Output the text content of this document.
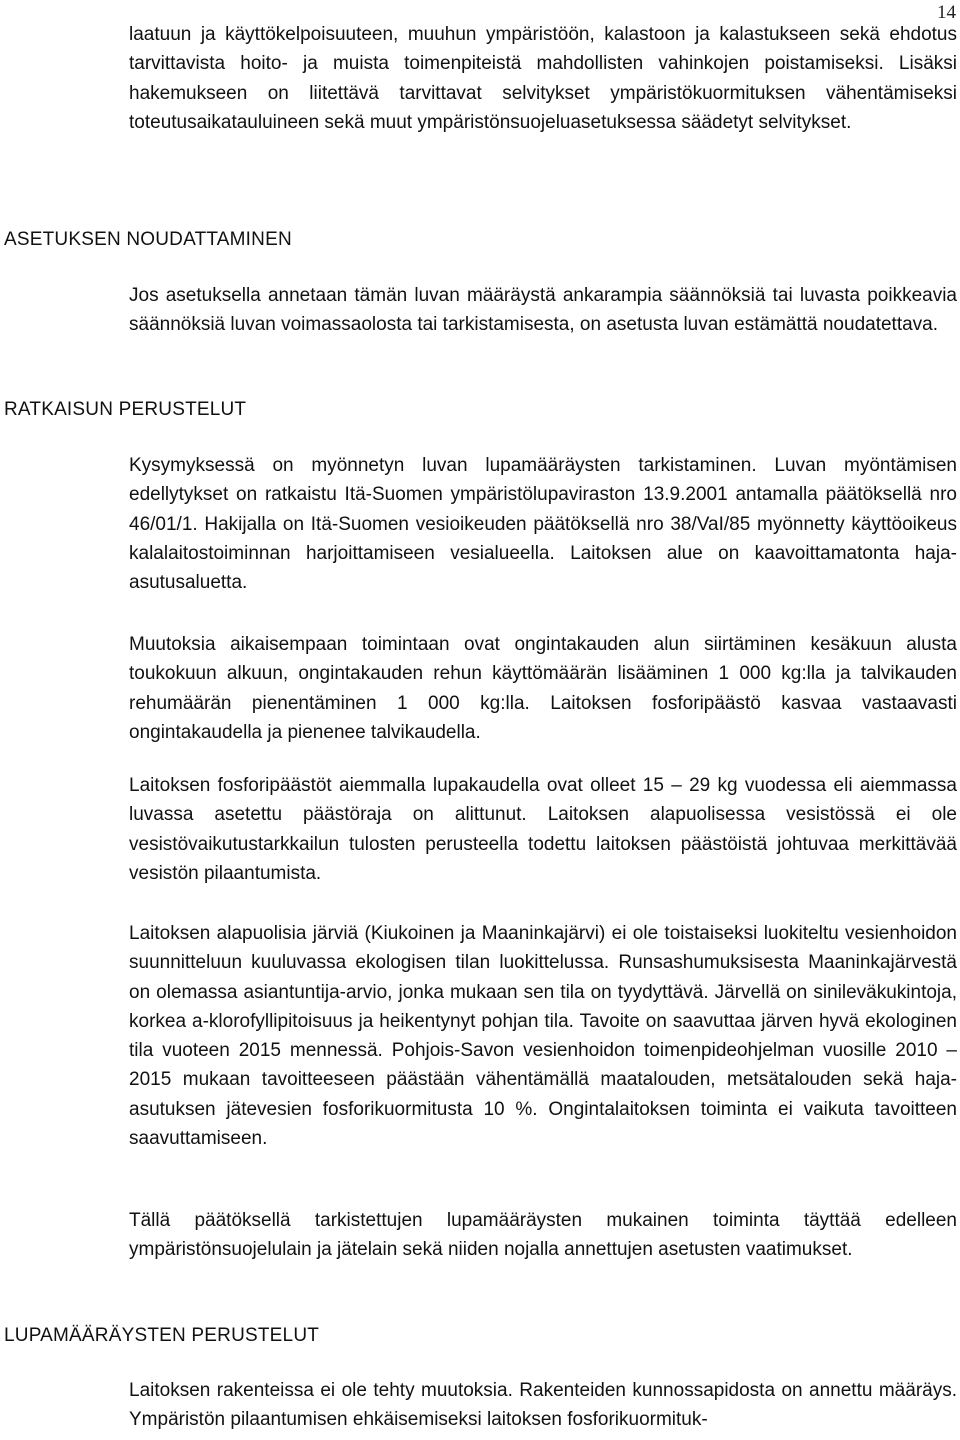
14

laatuun ja käyttökelpoisuuteen, muuhun ympäristöön, kalastoon ja kalastukseen sekä ehdotus tarvittavista hoito- ja muista toimenpiteistä mahdollisten vahinkojen poistamiseksi. Lisäksi hakemukseen on liitettävä tarvittavat selvitykset ympäristökuormituksen vähentämiseksi toteutusaikatauluineen sekä muut ympäristönsuojeluasetuksessa säädetyt selvitykset.

ASETUKSEN NOUDATTAMINEN

Jos asetuksella annetaan tämän luvan määräystä ankarampia säännöksiä tai luvasta poikkeavia säännöksiä luvan voimassaolosta tai tarkistamisesta, on asetusta luvan estämättä noudatettava.

RATKAISUN PERUSTELUT

Kysymyksessä on myönnetyn luvan lupamääräysten tarkistaminen. Luvan myöntämisen edellytykset on ratkaistu Itä-Suomen ympäristölupaviraston 13.9.2001 antamalla päätöksellä nro 46/01/1. Hakijalla on Itä-Suomen vesioikeuden päätöksellä nro 38/VaI/85 myönnetty käyttöoikeus kalalaitostoiminnan harjoittamiseen vesialueella. Laitoksen alue on kaavoittamatonta haja-asutusaluetta.

Muutoksia aikaisempaan toimintaan ovat ongintakauden alun siirtäminen kesäkuun alusta toukokuun alkuun, ongintakauden rehun käyttömäärän lisääminen 1 000 kg:lla ja talvikauden rehumäärän pienentäminen 1 000 kg:lla. Laitoksen fosforipäästö kasvaa vastaavasti ongintakaudella ja pienenee talvikaudella.

Laitoksen fosforipäästöt aiemmalla lupakaudella ovat olleet 15 – 29 kg vuodessa eli aiemmassa luvassa asetettu päästöraja on alittunut. Laitoksen alapuolisessa vesistössä ei ole vesistövaikutustarkkailun tulosten perusteella todettu laitoksen päästöistä johtuvaa merkittävää vesistön pilaantumista.

Laitoksen alapuolisia järviä (Kiukoinen ja Maaninkajärvi) ei ole toistaiseksi luokiteltu vesienhoidon suunnitteluun kuuluvassa ekologisen tilan luokittelussa. Runsashumuksisesta Maaninkajärvestä on olemassa asiantuntija-arvio, jonka mukaan sen tila on tyydyttävä. Järvellä on sinileväkukintoja, korkea a-klorofyllipitoisuus ja heikentynyt pohjan tila. Tavoite on saavuttaa järven hyvä ekologinen tila vuoteen 2015 mennessä. Pohjois-Savon vesienhoidon toimenpideohjelman vuosille 2010 – 2015 mukaan tavoitteeseen päästään vähentämällä maatalouden, metsätalouden sekä haja-asutuksen jätevesien fosforikuormitusta 10 %. Ongintalaitoksen toiminta ei vaikuta tavoitteen saavuttamiseen.

Tällä päätöksellä tarkistettujen lupamääräysten mukainen toiminta täyttää edelleen ympäristönsuojelulain ja jätelain sekä niiden nojalla annettujen asetusten vaatimukset.

LUPAMÄÄRÄYSTEN PERUSTELUT

Laitoksen rakenteissa ei ole tehty muutoksia. Rakenteiden kunnossapidosta on annettu määräys. Ympäristön pilaantumisen ehkäisemiseksi laitoksen fosforikuormituk-
